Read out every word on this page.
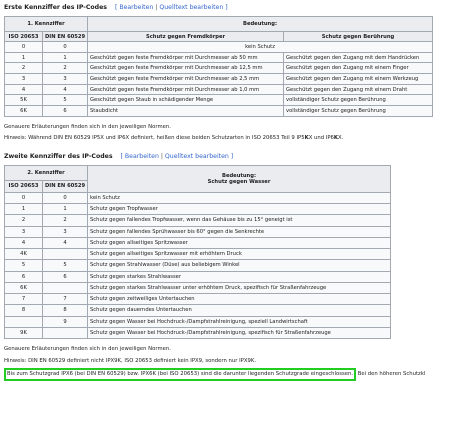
Erste Kennziffer des IP-Codes [ Bearbeiten | Quelltext bearbeiten ]
1. Kennziffer		Bedeutung:	
ISO 20653	DIN EN 60529	Schutz gegen Fremdkörper	Schutz gegen Berührung
0	0	kein Schutz	
1	1	Geschützt gegen feste Fremdkörper mit Durchmesser ab 50 mm	Geschützt gegen den Zugang mit dem Handrücken
2	2	Geschützt gegen feste Fremdkörper mit Durchmesser ab 12,5 mm	Geschützt gegen den Zugang mit einem Finger
3	3	Geschützt gegen feste Fremdkörper mit Durchmesser ab 2,5 mm	Geschützt gegen den Zugang mit einem Werkzeug
4	4	Geschützt gegen feste Fremdkörper mit Durchmesser ab 1,0 mm	Geschützt gegen den Zugang mit einem Draht
5K	5	Geschützt gegen Staub in schädigender Menge	vollständiger Schutz gegen Berührung
6K	6	Staubdicht	vollständiger Schutz gegen Berührung

Genauere Erläuterungen finden sich in den jeweiligen Normen.

Hinweis: Während DIN EN 60529 IP5X und IP6X definiert, heißen diese beiden Schutzarten in ISO 20653 Teil 9 IP5KX und IP6KX.

Zweite Kennziffer des IP-Codes [ Bearbeiten | Quelltext bearbeiten ]
2. Kennziffer		Bedeutung:
Schutz gegen Wasser

ISO 20653	DIN EN 60529	
0	0	kein Schutz
1	1	Schutz gegen Tropfwasser
2	2	Schutz gegen fallendes Tropfwasser, wenn das Gehäuse bis zu 15° geneigt ist
3	3	Schutz gegen fallendes Sprühwasser bis 60° gegen die Senkrechte
4	4	Schutz gegen allseitiges Spritzwasser
4K		Schutz gegen allseitiges Spritzwasser mit erhöhtem Druck
5	5	Schutz gegen Strahlwasser (Düse) aus beliebigem Winkel
6	6	Schutz gegen starkes Strahlwasser
6K		Schutz gegen starkes Strahlwasser unter erhöhtem Druck, spezifisch für Straßenfahrzeuge
7	7	Schutz gegen zeitweiliges Untertauchen
8	8	Schutz gegen dauerndes Untertauchen
	9	Schutz gegen Wasser bei Hochdruck-/Dampfstrahlreinigung, speziell Landwirtschaft
9K		Schutz gegen Wasser bei Hochdruck-/Dampfstrahlreinigung, spezifisch für Straßenfahrzeuge

Genauere Erläuterungen finden sich in den jeweiligen Normen.

Hinweis: DIN EN 60529 definiert nicht IPX9K, ISO 20653 definiert kein IPX9, sondern nur IPX9K.

Bis zum Schutzgrad IPX6 (bei DIN EN 60529) bzw. IPX6K (bei ISO 20653) sind die darunter liegenden Schutzgrade eingeschlossen. Bei den höheren Schutzkl
